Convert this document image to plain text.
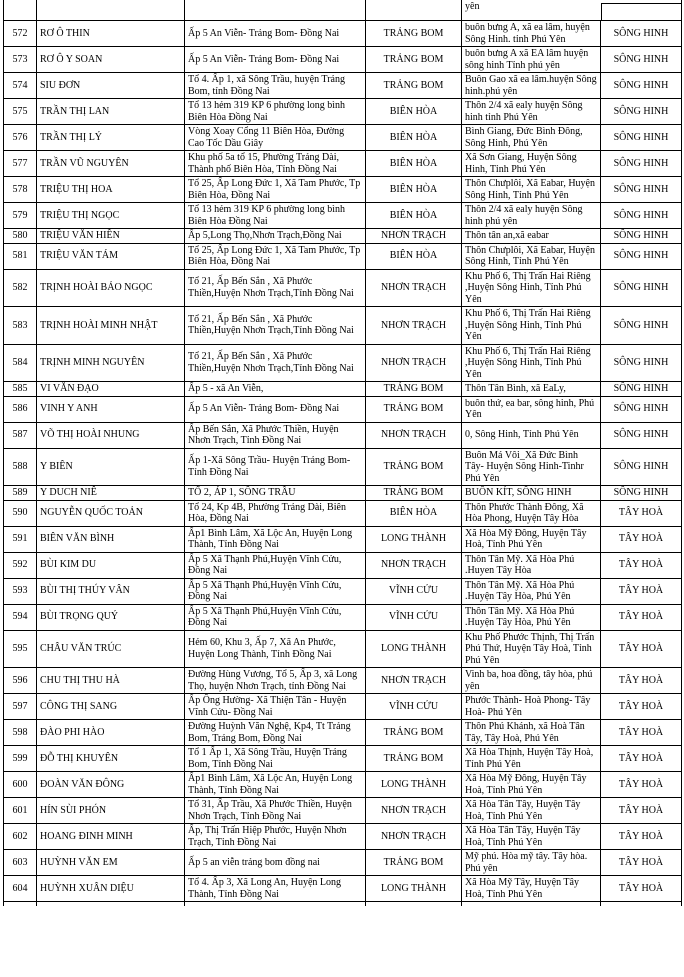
				yên	

572	RƠ Ô THIN	Ấp 5 An Viễn- Trảng Bom- Đồng Nai	TRẢNG BOM	buôn bưng A, xã ea lâm, huyện Sông Hinh. tỉnh Phú Yên	SÔNG HINH
573	RƠ Ô Y SOAN	Ấp 5 An Viễn- Trảng Bom- Đồng Nai	TRẢNG BOM	buôn bưng A xã EA lâm huyện sông hinh Tỉnh phú yên	SÔNG HINH
574	SIU ĐƠN	Tổ 4. Ấp 1, xã Sông Trầu, huyện Trảng Bom, tỉnh Đồng Nai	TRẢNG BOM	Buôn Gao xã ea lâm.huyện Sông hinh.phú yên	SÔNG HINH
575	TRẦN THỊ LAN	Tổ 13 hẻm 319 KP 6 phường long bình Biên Hòa Đồng Nai	BIÊN HÒA	Thôn 2/4 xã ealy huyện Sông hinh tỉnh Phú Yên	SÔNG HINH
576	TRẦN THỊ LÝ	Vòng Xoay Cổng 11 Biên Hòa, Đường Cao Tốc Dầu Giây	BIÊN HÒA	Bình Giang, Đức Bình Đông, Sông Hinh, Phú Yên	SÔNG HINH
577	TRẦN VŨ NGUYÊN	Khu phố 5a tổ 15, Phường Trảng Dài, Thành phố Biên Hòa, Tỉnh Đồng Nai	BIÊN HÒA	Xã Sơn Giang, Huyện Sông Hinh, Tỉnh Phú Yên	SÔNG HINH
578	TRIỆU THỊ HOA	Tổ 25, Ấp Long Đức 1, Xã Tam Phước, Tp Biên Hòa, Đồng Nai	BIÊN HÒA	Thôn Chưplôi, Xã Eabar, Huyện Sông Hinh, Tỉnh Phú Yên	SÔNG HINH
579	TRIỆU THỊ NGỌC	Tổ 13 hẻm 319 KP 6 phường long bình Biên Hòa Đồng Nai	BIÊN HÒA	Thôn 2/4 xã ealy huyện Sông hinh phú yên	SÔNG HINH
580	TRIỆU VĂN HIỀN	Ấp 5,Long Thọ,Nhơn Trạch,Đồng Nai	NHƠN TRẠCH	Thôn tân an,xã eabar	SÔNG HINH
581	TRIỆU VĂN TÁM	Tổ 25, Ấp Long Đức 1, Xã Tam Phước, Tp Biên Hòa, Đồng Nai	BIÊN HÒA	Thôn Chưplôi, Xã Eabar, Huyện Sông Hinh, Tỉnh Phú Yên	SÔNG HINH
582	TRỊNH HOÀI BẢO NGỌC	Tổ 21, Ấp Bến Sắn , Xã Phước Thiền,Huyện Nhơn Trạch,Tỉnh Đồng Nai	NHƠN TRẠCH	Khu Phố 6, Thị Trấn Hai Riêng ,Huyện Sông Hinh, Tỉnh Phú Yên	SÔNG HINH
583	TRỊNH HOÀI MINH NHẬT	Tổ 21, Ấp Bến Sắn , Xã Phước Thiền,Huyện Nhơn Trạch,Tỉnh Đồng Nai	NHƠN TRẠCH	Khu Phố 6, Thị Trấn Hai Riêng ,Huyện Sông Hinh, Tỉnh Phú Yên	SÔNG HINH
584	TRỊNH MINH NGUYÊN	Tổ 21, Ấp Bến Sắn , Xã Phước Thiền,Huyện Nhơn Trạch,Tỉnh Đồng Nai	NHƠN TRẠCH	Khu Phố 6, Thị Trấn Hai Riêng ,Huyện Sông Hinh, Tỉnh Phú Yên	SÔNG HINH
585	VI VĂN ĐẠO	Ấp 5 - xã An Viễn,	TRẢNG BOM	Thôn Tân Bình, xã EaLy,	SÔNG HINH
586	VINH Y ANH	Ấp 5 An Viễn- Trảng Bom- Đồng Nai	TRẢNG BOM	buôn thứ, ea bar, sông hinh, Phú Yên	SÔNG HINH
587	VÕ THỊ HOÀI NHUNG	Ấp Bến Sắn, Xã Phước Thiền, Huyện Nhơn Trạch, Tỉnh Đồng Nai	NHƠN TRẠCH	0, Sông Hinh, Tỉnh Phú Yên	SÔNG HINH
588	Y BIÊN	Ấp 1-Xã Sông Trầu- Huyện Trảng Bom- Tỉnh Đồng Nai	TRẢNG BOM	Buôn Má Vôi_Xã Đức Bình Tây- Huyện Sông Hinh-Tinhr Phú Yên	SÔNG HINH
589	Y DUCH NIÊ	TỔ 2, ÁP 1, SÔNG TRẦU	TRẢNG BOM	BUÔN KÍT, SÔNG HINH	SÔNG HINH
590	NGUYỄN QUỐC TOẢN	Tổ 24, Kp 4B, Phường Trảng Dài, Biên Hòa, Đồng Nai	BIÊN HÒA	Thôn Phước Thành Đông, Xã Hòa Phong, Huyện Tây Hòa	TÂY HOÀ
591	BIÊN VĂN BÌNH	Ấp1 Bình Lâm, Xã Lộc An, Huyện Long Thành, Tỉnh Đồng Nai	LONG THÀNH	Xã Hòa Mỹ Đông, Huyện Tây Hoà, Tỉnh Phú Yên	TÂY HOÀ
592	BÙI KIM DU	Ấp 5 Xã Thạnh Phú,Huyện Vĩnh Cửu, Đồng Nai	NHƠN TRẠCH	Thôn Tân Mỹ. Xã Hòa Phú .Huyen Tây Hòa	TÂY HOÀ
593	BÙI THỊ THÚY VÂN	Ấp 5 Xã Thạnh Phú,Huyện Vĩnh Cửu, Đồng Nai	VĨNH CỬU	Thôn Tân Mỹ. Xã Hòa Phú .Huyện Tây Hòa, Phú Yên	TÂY HOÀ
594	BÙI TRỌNG QUÝ	Ấp 5 Xã Thạnh Phú,Huyện Vĩnh Cửu, Đồng Nai	VĨNH CỬU	Thôn Tân Mỹ. Xã Hòa Phú .Huyện Tây Hòa, Phú Yên	TÂY HOÀ
595	CHÂU VĂN TRÚC	Hẻm 60, Khu 3, Ấp 7, Xã An Phước, Huyện Long Thành, Tỉnh Đồng Nai	LONG THÀNH	Khu Phố Phước Thịnh, Thị Trấn Phú Thứ, Huyện Tây Hoà, Tỉnh Phú Yên	TÂY HOÀ
596	CHU THỊ THU HÀ	Đường Hùng Vương, Tổ 5, Ấp 3, xã Long Thọ, huyện Nhơn Trạch, tỉnh Đồng Nai	NHƠN TRẠCH	Vinh ba, hoa đồng, tây hòa, phú yên	TÂY HOÀ
597	CÔNG THỊ SANG	Ấp Ông Hường- Xã Thiện Tân - Huyện Vĩnh Cửu- Đồng Nai	VĨNH CỬU	Phước Thành- Hoà Phong- Tây Hoà- Phú Yên	TÂY HOÀ
598	ĐÀO PHI HÀO	Đường Huỳnh Văn Nghệ, Kp4, Tt Trảng Bom, Trảng Bom, Đồng Nai	TRẢNG BOM	Thôn Phú Khánh, xã Hoà Tân Tây, Tây Hoà, Phú Yên	TÂY HOÀ
599	ĐỖ THỊ KHUYÊN	Tổ 1 Ấp 1, Xã Sông Trầu, Huyện Trảng Bom, Tỉnh Đồng Nai	TRẢNG BOM	Xã Hòa Thịnh, Huyện Tây Hoà, Tỉnh Phú Yên	TÂY HOÀ
600	ĐOÀN VĂN ĐÔNG	Ấp1 Bình Lâm, Xã Lộc An, Huyện Long Thành, Tỉnh Đồng Nai	LONG THÀNH	Xã Hòa Mỹ Đông, Huyện Tây Hoà, Tỉnh Phú Yên	TÂY HOÀ
601	HÍN SÙI PHÓN	Tổ 31, Ấp Trầu, Xã Phước Thiền, Huyện Nhơn Trạch, Tỉnh Đồng Nai	NHƠN TRẠCH	Xã Hòa Tân Tây, Huyện Tây Hoà, Tỉnh Phú Yên	TÂY HOÀ
602	HOANG ĐINH MINH	Ấp, Thị Trấn Hiệp Phước, Huyện Nhơn Trạch, Tỉnh Đồng Nai	NHƠN TRẠCH	Xã Hòa Tân Tây, Huyện Tây Hoà, Tỉnh Phú Yên	TÂY HOÀ
603	HUỲNH VĂN EM	Ấp 5 an viễn trảng bom đồng nai	TRẢNG BOM	Mỹ phú. Hòa mỹ tây. Tây hòa. Phú yên	TÂY HOÀ
604	HUỲNH XUÂN DIỆU	Tổ 4. Ấp 3, Xã Long An, Huyện Long Thành, Tỉnh Đồng Nai	LONG THÀNH	Xã Hòa Mỹ Tây, Huyện Tây Hoà, Tỉnh Phú Yên	TÂY HOÀ
